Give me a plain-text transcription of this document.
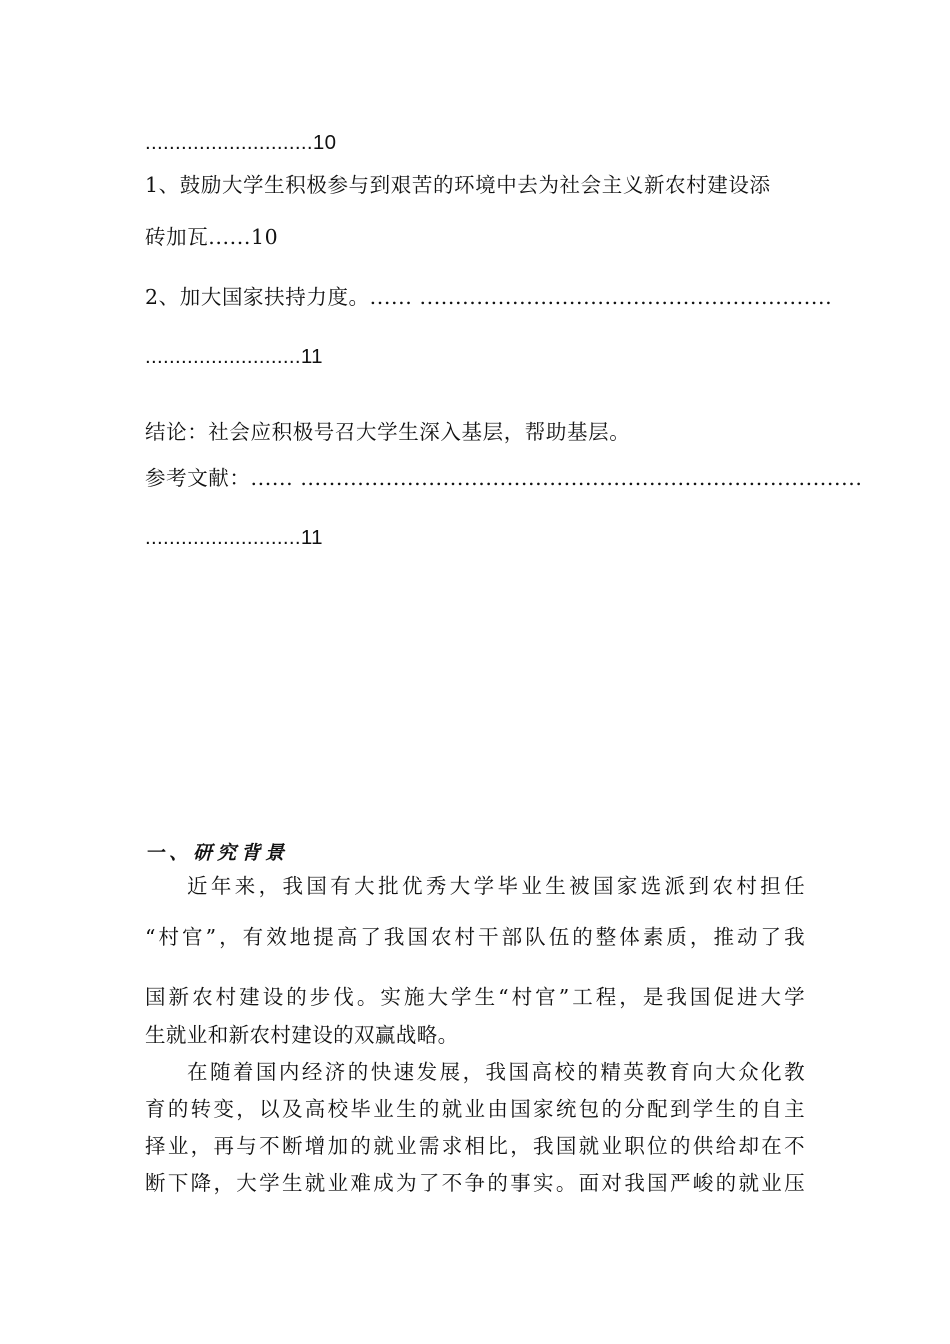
............................10
1、鼓励大学生积极参与到艰苦的环境中去为社会主义新农村建设添
砖加瓦......10
2、加大国家扶持力度。...... ..........................................................
..........................11
结论：社会应积极号召大学生深入基层，帮助基层。
参考文献：...... ...............................................................................
..........................11
一、研究背景
近年来，我国有大批优秀大学毕业生被国家选派到农村担任
“村官”，有效地提高了我国农村干部队伍的整体素质，推动了我
国新农村建设的步伐。实施大学生“村官”工程，是我国促进大学
生就业和新农村建设的双赢战略。
在随着国内经济的快速发展，我国高校的精英教育向大众化教
育的转变，以及高校毕业生的就业由国家统包的分配到学生的自主
择业，再与不断增加的就业需求相比，我国就业职位的供给却在不
断下降，大学生就业难成为了不争的事实。面对我国严峻的就业压
